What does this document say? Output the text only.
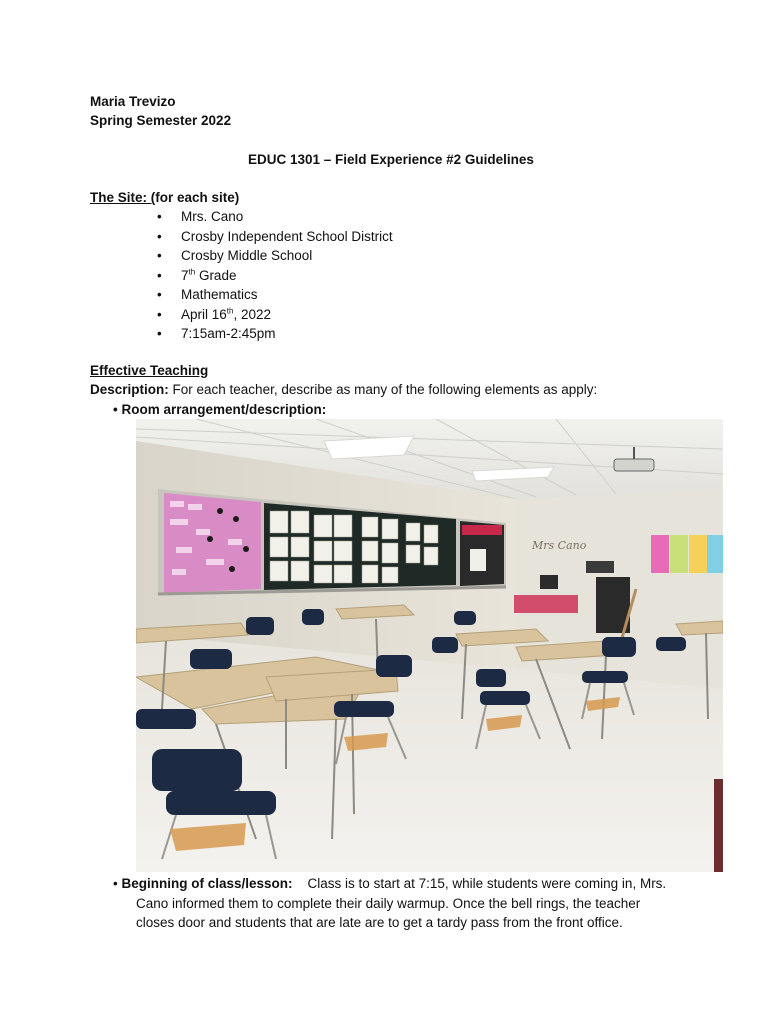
Maria Trevizo
Spring Semester 2022
EDUC 1301 – Field Experience #2 Guidelines
The Site: (for each site)
• Mrs. Cano
• Crosby Independent School District
• Crosby Middle School
• 7th Grade
• Mathematics
• April 16th, 2022
• 7:15am-2:45pm
Effective Teaching
Description: For each teacher, describe as many of the following elements as apply:
• Room arrangement/description:
Mrs Cano
• Beginning of class/lesson: Class is to start at 7:15, while students were coming in, Mrs.
Cano informed them to complete their daily warmup. Once the bell rings, the teacher
closes door and students that are late are to get a tardy pass from the front office.
